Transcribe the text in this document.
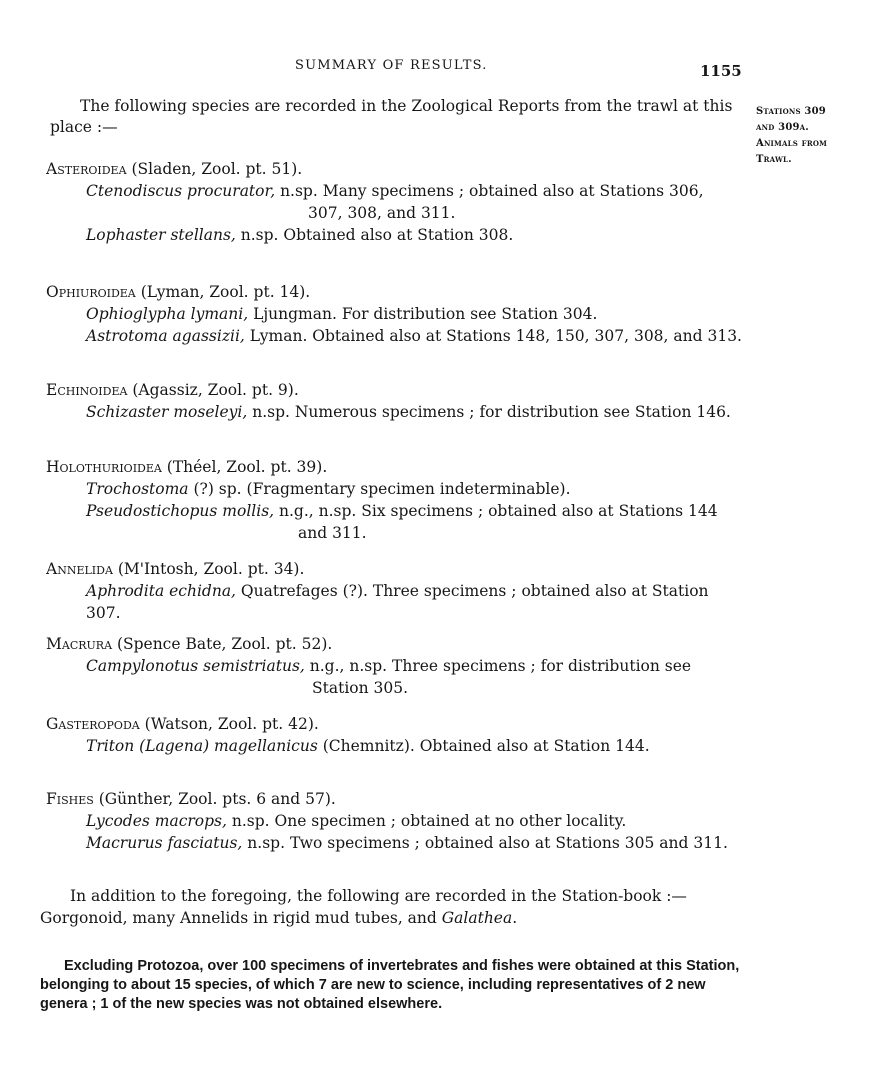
SUMMARY OF RESULTS.	1155
The following species are recorded in the Zoological Reports from the trawl at this place :—
Stations 309
and 309a.
Animals from
Trawl.
Asteroidea (Sladen, Zool. pt. 51).
Ctenodiscus procurator, n.sp. Many specimens ; obtained also at Stations 306,
307, 308, and 311.
Lophaster stellans, n.sp. Obtained also at Station 308.
Ophiuroidea (Lyman, Zool. pt. 14).
Ophioglypha lymani, Ljungman. For distribution see Station 304.
Astrotoma agassizii, Lyman. Obtained also at Stations 148, 150, 307, 308, and 313.
Echinoidea (Agassiz, Zool. pt. 9).
Schizaster moseleyi, n.sp. Numerous specimens ; for distribution see Station 146.
Holothurioidea (Théel, Zool. pt. 39).
Trochostoma (?) sp. (Fragmentary specimen indeterminable).
Pseudostichopus mollis, n.g., n.sp. Six specimens ; obtained also at Stations 144
and 311.
Annelida (M'Intosh, Zool. pt. 34).
Aphrodita echidna, Quatrefages (?). Three specimens ; obtained also at Station 307.
Macrura (Spence Bate, Zool. pt. 52).
Campylonotus semistriatus, n.g., n.sp. Three specimens ; for distribution see
Station 305.
Gasteropoda (Watson, Zool. pt. 42).
Triton (Lagena) magellanicus (Chemnitz). Obtained also at Station 144.
Fishes (Günther, Zool. pts. 6 and 57).
Lycodes macrops, n.sp. One specimen ; obtained at no other locality.
Macrurus fasciatus, n.sp. Two specimens ; obtained also at Stations 305 and 311.
In addition to the foregoing, the following are recorded in the Station-book :— Gorgonoid, many Annelids in rigid mud tubes, and Galathea.
Excluding Protozoa, over 100 specimens of invertebrates and fishes were obtained at this Station, belonging to about 15 species, of which 7 are new to science, including representatives of 2 new genera ; 1 of the new species was not obtained elsewhere.
